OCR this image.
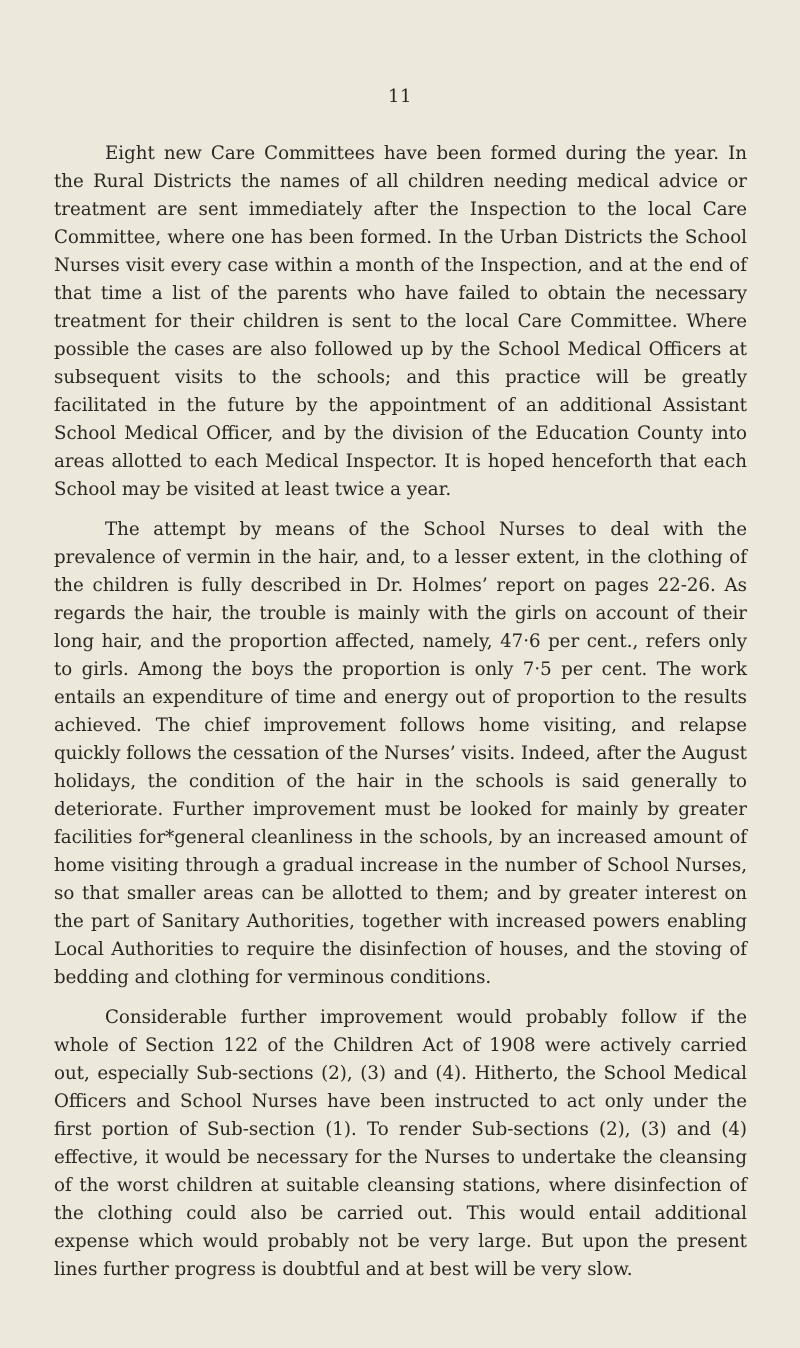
11

Eight new Care Committees have been formed during the year. In the Rural Districts the names of all children needing medical advice or treatment are sent immediately after the Inspection to the local Care Committee, where one has been formed. In the Urban Districts the School Nurses visit every case within a month of the Inspection, and at the end of that time a list of the parents who have failed to obtain the necessary treatment for their children is sent to the local Care Committee. Where possible the cases are also followed up by the School Medical Officers at subsequent visits to the schools; and this practice will be greatly facilitated in the future by the appointment of an additional Assistant School Medical Officer, and by the division of the Education County into areas allotted to each Medical Inspector. It is hoped henceforth that each School may be visited at least twice a year.

The attempt by means of the School Nurses to deal with the prevalence of vermin in the hair, and, to a lesser extent, in the clothing of the children is fully described in Dr. Holmes’ report on pages 22-26. As regards the hair, the trouble is mainly with the girls on account of their long hair, and the proportion affected, namely, 47·6 per cent., refers only to girls. Among the boys the proportion is only 7·5 per cent. The work entails an expenditure of time and energy out of proportion to the results achieved. The chief improvement follows home visiting, and relapse quickly follows the cessation of the Nurses’ visits. Indeed, after the August holidays, the condition of the hair in the schools is said generally to deteriorate. Further improvement must be looked for mainly by greater facilities for*general cleanliness in the schools, by an increased amount of home visiting through a gradual increase in the number of School Nurses, so that smaller areas can be allotted to them; and by greater interest on the part of Sanitary Authorities, together with increased powers enabling Local Authorities to require the disinfection of houses, and the stoving of bedding and clothing for verminous conditions.

Considerable further improvement would probably follow if the whole of Section 122 of the Children Act of 1908 were actively carried out, especially Sub-sections (2), (3) and (4). Hitherto, the School Medical Officers and School Nurses have been instructed to act only under the first portion of Sub-section (1). To render Sub-sections (2), (3) and (4) effective, it would be necessary for the Nurses to undertake the cleansing of the worst children at suitable cleansing stations, where disinfection of the clothing could also be carried out. This would entail additional expense which would probably not be very large. But upon the present lines further progress is doubtful and at best will be very slow.
